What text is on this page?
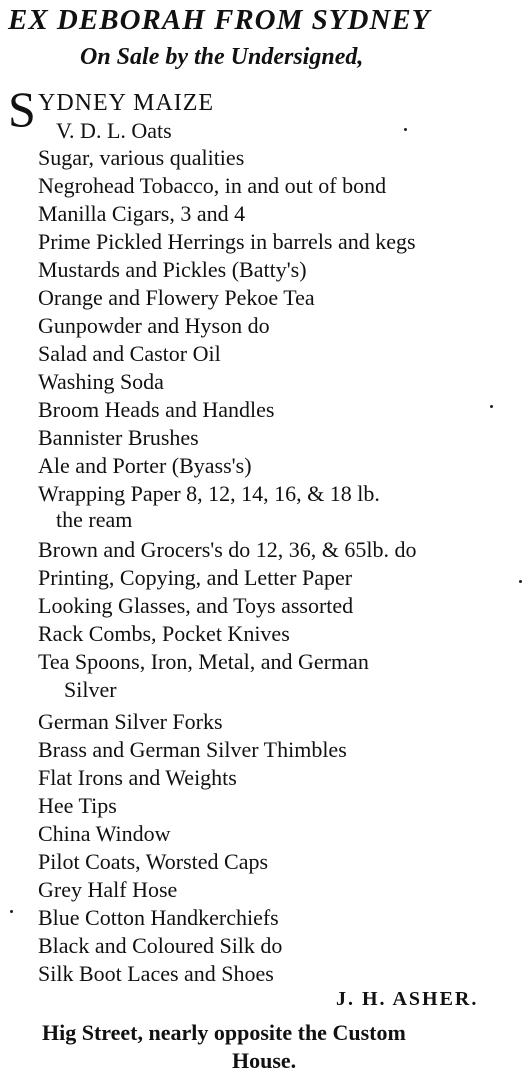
EX DEBORAH FROM SYDNEY
On Sale by the Undersigned,
S YDNEY MAIZE
V. D. L. Oats
Sugar, various qualities
Negrohead Tobacco, in and out of bond
Manilla Cigars, 3 and 4
Prime Pickled Herrings in barrels and kegs
Mustards and Pickles (Batty's)
Orange and Flowery Pekoe Tea
Gunpowder and Hyson do
Salad and Castor Oil
Washing Soda
Broom Heads and Handles
Bannister Brushes
Ale and Porter (Byass's)
Wrapping Paper 8, 12, 14, 16, & 18 lb.
the ream
Brown and Grocers's do 12, 36, & 65lb. do
Printing, Copying, and Letter Paper
Looking Glasses, and Toys assorted
Rack Combs, Pocket Knives
Tea Spoons, Iron, Metal, and German
Silver
German Silver Forks
Brass and German Silver Thimbles
Flat Irons and Weights
Hee Tips
China Window
Pilot Coats, Worsted Caps
Grey Half Hose
Blue Cotton Handkerchiefs
Black and Coloured Silk do
Silk Boot Laces and Shoes
J. H. ASHER.
Hig Street, nearly opposite the Custom
House.
